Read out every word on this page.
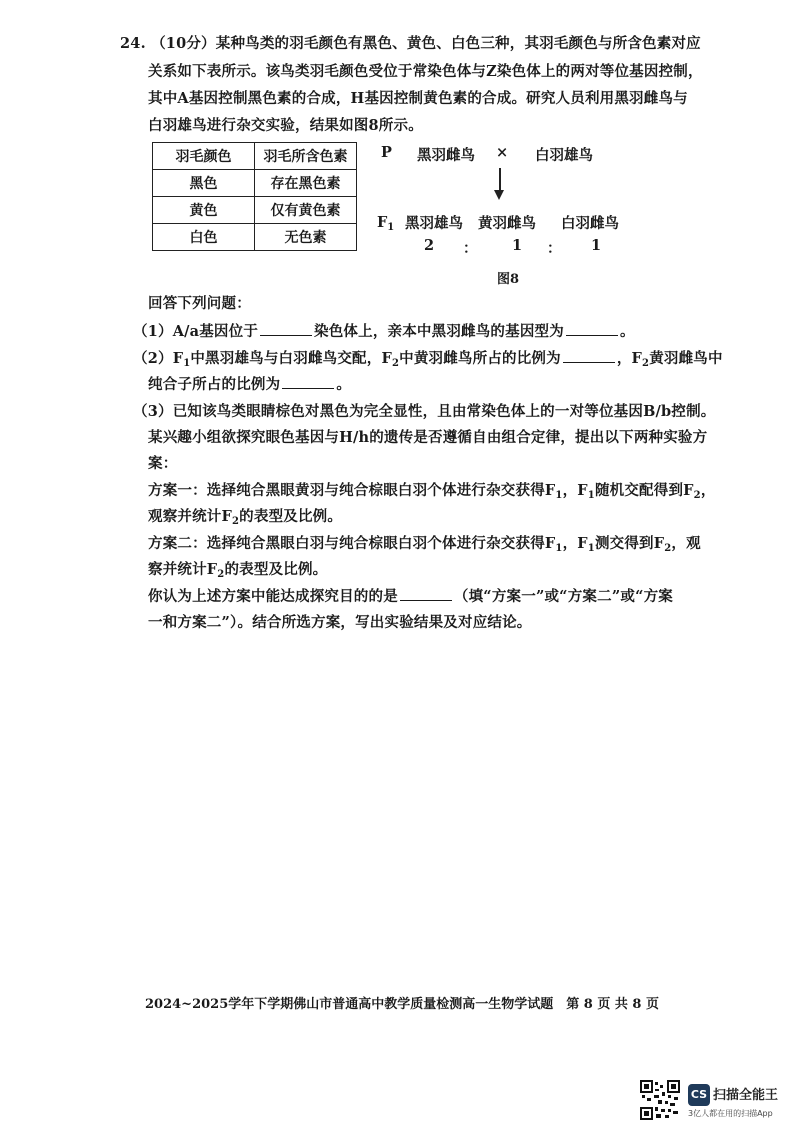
24. （10分）某种鸟类的羽毛颜色有黑色、黄色、白色三种，其羽毛颜色与所含色素对应
关系如下表所示。该鸟类羽毛颜色受位于常染色体与Z染色体上的两对等位基因控制，
其中A基因控制黑色素的合成，H基因控制黄色素的合成。研究人员利用黑羽雌鸟与
白羽雄鸟进行杂交实验，结果如图8所示。
羽毛颜色	羽毛所含色素
黑色	存在黑色素
黄色	仅有黄色素
白色	无色素
P 黑羽雌鸟 × 白羽雄鸟
$F_1$ 黑羽雄鸟 黄羽雌鸟 白羽雌鸟
2 ： 1 ： 1
图8
回答下列问题：
（1）A/a基因位于	染色体上，亲本中黑羽雌鸟的基因型为	。
$(2)F_1$中黑羽雄鸟与白羽雌鸟交配，$F_2$中黄羽雌鸟所占的比例为	，$F_2$黄羽雌鸟中
纯合子所占的比例为	。
（3）已知该鸟类眼睛棕色对黑色为完全显性，且由常染色体上的一对等位基因B/b控制。
某兴趣小组欲探究眼色基因与H/h的遗传是否遵循自由组合定律，提出以下两种实验方
案：
方案一：选择纯合黑眼黄羽与纯合棕眼白羽个体进行杂交获得$F_1$，$F_1$随机交配得到$F_2$，
观察并统计$F_2$的表型及比例。
方案二：选择纯合黑眼白羽与纯合棕眼白羽个体进行杂交获得$F_1$，$F_1$测交得到$F_2$，观
察并统计$F_2$的表型及比例。
你认为上述方案中能达成探究目的的是	（填“方案一”或“方案二”或“方案
一和方案二”）。结合所选方案，写出实验结果及对应结论。
2024~2025学年下学期佛山市普通高中教学质量检测高一生物学试题　第 8 页 共 8 页
CS 扫描全能王
3亿人都在用的扫描App
